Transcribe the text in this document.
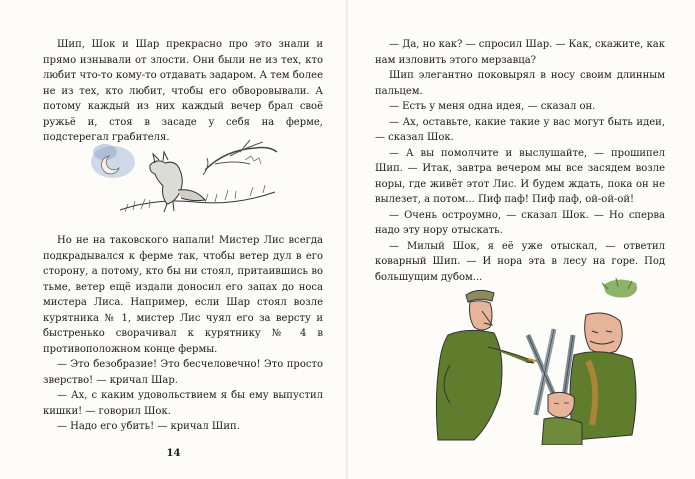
Шип, Шок и Шар прекрасно про это знали и прямо изнывали от злости. Они были не из тех, кто любит что-то кому-то отдавать задаром. А тем более не из тех, кто любит, чтобы его обворовывали. А потому каждый из них каждый вечер брал своё ружьё и, стоя в засаде у себя на ферме, подстерегал грабителя.

Но не на таковского напали! Мистер Лис всегда подкрадывался к ферме так, чтобы ветер дул в его сторону, а потому, кто бы ни стоял, притаившись во тьме, ветер ещё издали доносил его запах до носа мистера Лиса. Например, если Шар стоял возле курятника № 1, мистер Лис чуял его за версту и быстренько сворачивал к курятнику № 4 в противоположном конце фермы.

— Это безобразие! Это бесчеловечно! Это просто зверство! — кричал Шар.

— Ах, с каким удовольствием я бы ему выпустил кишки! — говорил Шок.

— Надо его убить! — кричал Шип.

14

— Да, но как? — спросил Шар. — Как, скажите, как нам изловить этого мерзавца?

Шип элегантно поковырял в носу своим длинным пальцем.

— Есть у меня одна идея, — сказал он.

— Ах, оставьте, какие такие у вас могут быть идеи, — сказал Шок.

— А вы помолчите и выслушайте, — прошипел Шип. — Итак, завтра вечером мы все засядем возле норы, где живёт этот Лис. И будем ждать, пока он не вылезет, а потом... Пиф паф! Пиф паф, ой-ой-ой!

— Очень остроумно, — сказал Шок. — Но сперва надо эту нору отыскать.

— Милый Шок, я её уже отыскал, — ответил коварный Шип. — И нора эта в лесу на горе. Под большущим дубом...
